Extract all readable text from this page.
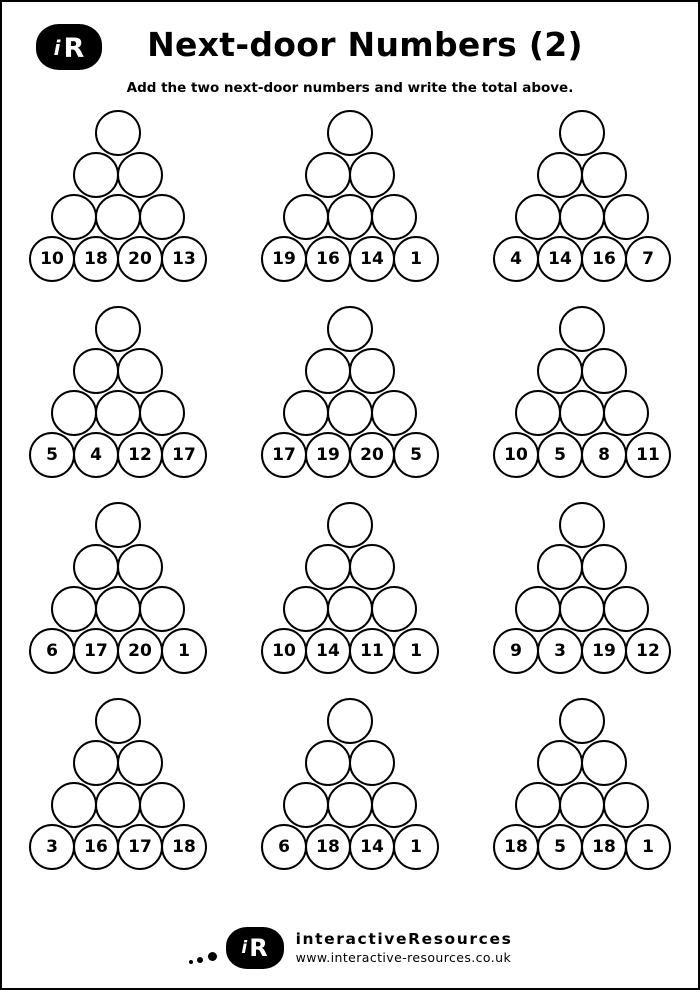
i R	Next-door Numbers (2)

Add the two next-door numbers and write the total above.

10	18	20	13	19	16	14	1	4	14	16	7
5	4	12	17	17	19	20	5	10	5	8	11
6	17	20	1	10	14	11	1	9	3	19	12
3	16	17	18	6	18	14	1	18	5	18	1
i R interactiveResources
www.interactive-resources.co.uk
